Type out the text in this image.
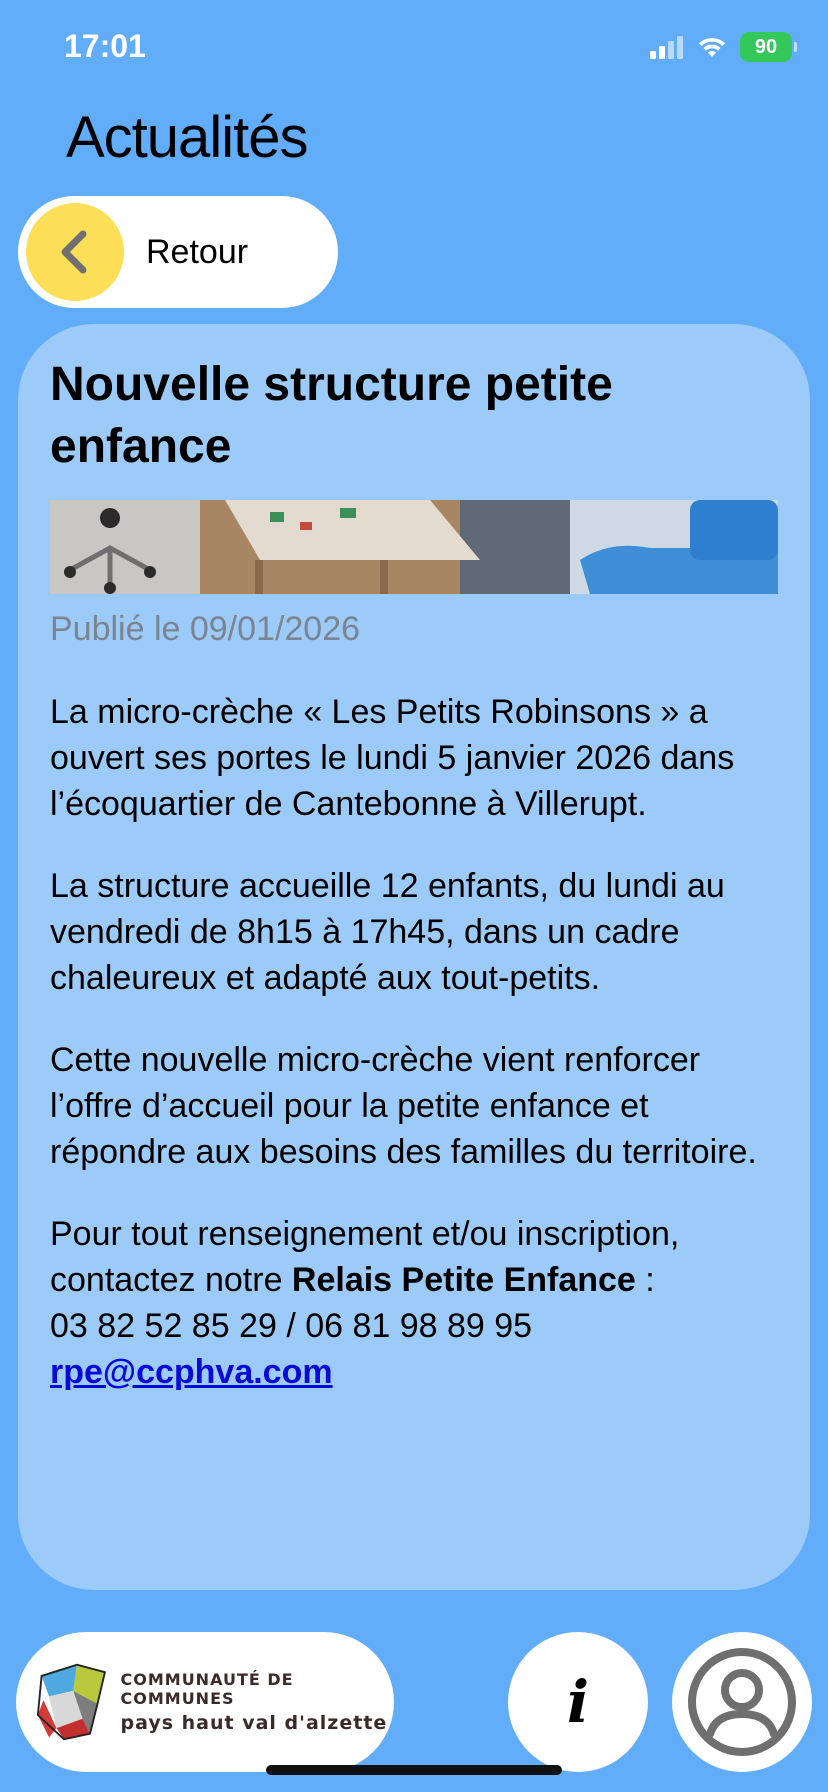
17:01	90
Actualités
Retour
Nouvelle structure petite enfance
Publié le 09/01/2026

La micro-crèche « Les Petits Robinsons » a ouvert ses portes le lundi 5 janvier 2026 dans l’écoquartier de Cantebonne à Villerupt.

La structure accueille 12 enfants, du lundi au vendredi de 8h15 à 17h45, dans un cadre chaleureux et adapté aux tout-petits.

Cette nouvelle micro-crèche vient renforcer l’offre d’accueil pour la petite enfance et répondre aux besoins des familles du territoire.

Pour tout renseignement et/ou inscription, contactez notre Relais Petite Enfance :
03 82 52 85 29 / 06 81 98 89 95
rpe@ccphva.com

COMMUNAUTÉ DE COMMUNES
pays haut val d'alzette	i
